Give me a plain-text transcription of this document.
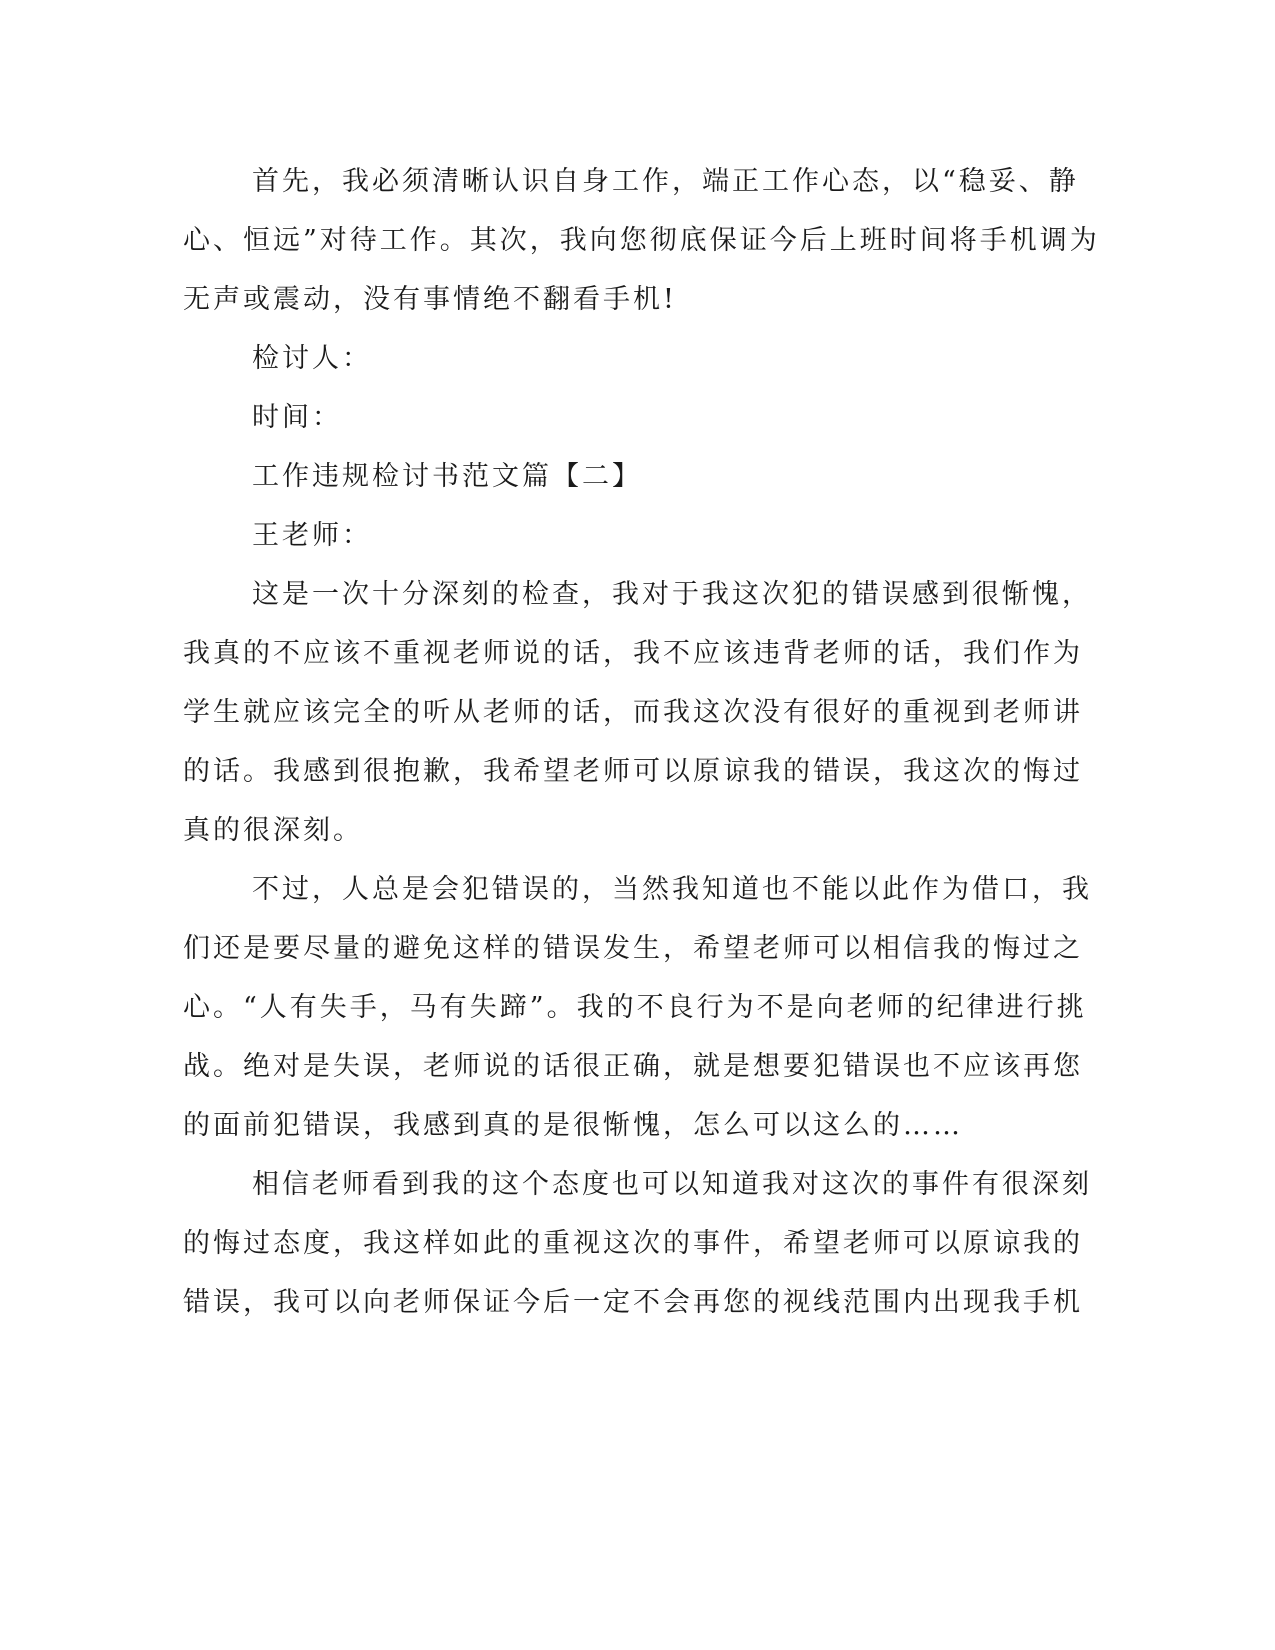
首先，我必须清晰认识自身工作，端正工作心态，以“稳妥、静
心、恒远”对待工作。其次，我向您彻底保证今后上班时间将手机调为
无声或震动，没有事情绝不翻看手机!
检讨人：
时间：
工作违规检讨书范文篇【二】
王老师：
这是一次十分深刻的检查，我对于我这次犯的错误感到很惭愧，
我真的不应该不重视老师说的话，我不应该违背老师的话，我们作为
学生就应该完全的听从老师的话，而我这次没有很好的重视到老师讲
的话。我感到很抱歉，我希望老师可以原谅我的错误，我这次的悔过
真的很深刻。
不过，人总是会犯错误的，当然我知道也不能以此作为借口，我
们还是要尽量的避免这样的错误发生，希望老师可以相信我的悔过之
心。“人有失手，马有失蹄”。我的不良行为不是向老师的纪律进行挑
战。绝对是失误，老师说的话很正确，就是想要犯错误也不应该再您
的面前犯错误，我感到真的是很惭愧，怎么可以这么的……
相信老师看到我的这个态度也可以知道我对这次的事件有很深刻
的悔过态度，我这样如此的重视这次的事件，希望老师可以原谅我的
错误，我可以向老师保证今后一定不会再您的视线范围内出现我手机
